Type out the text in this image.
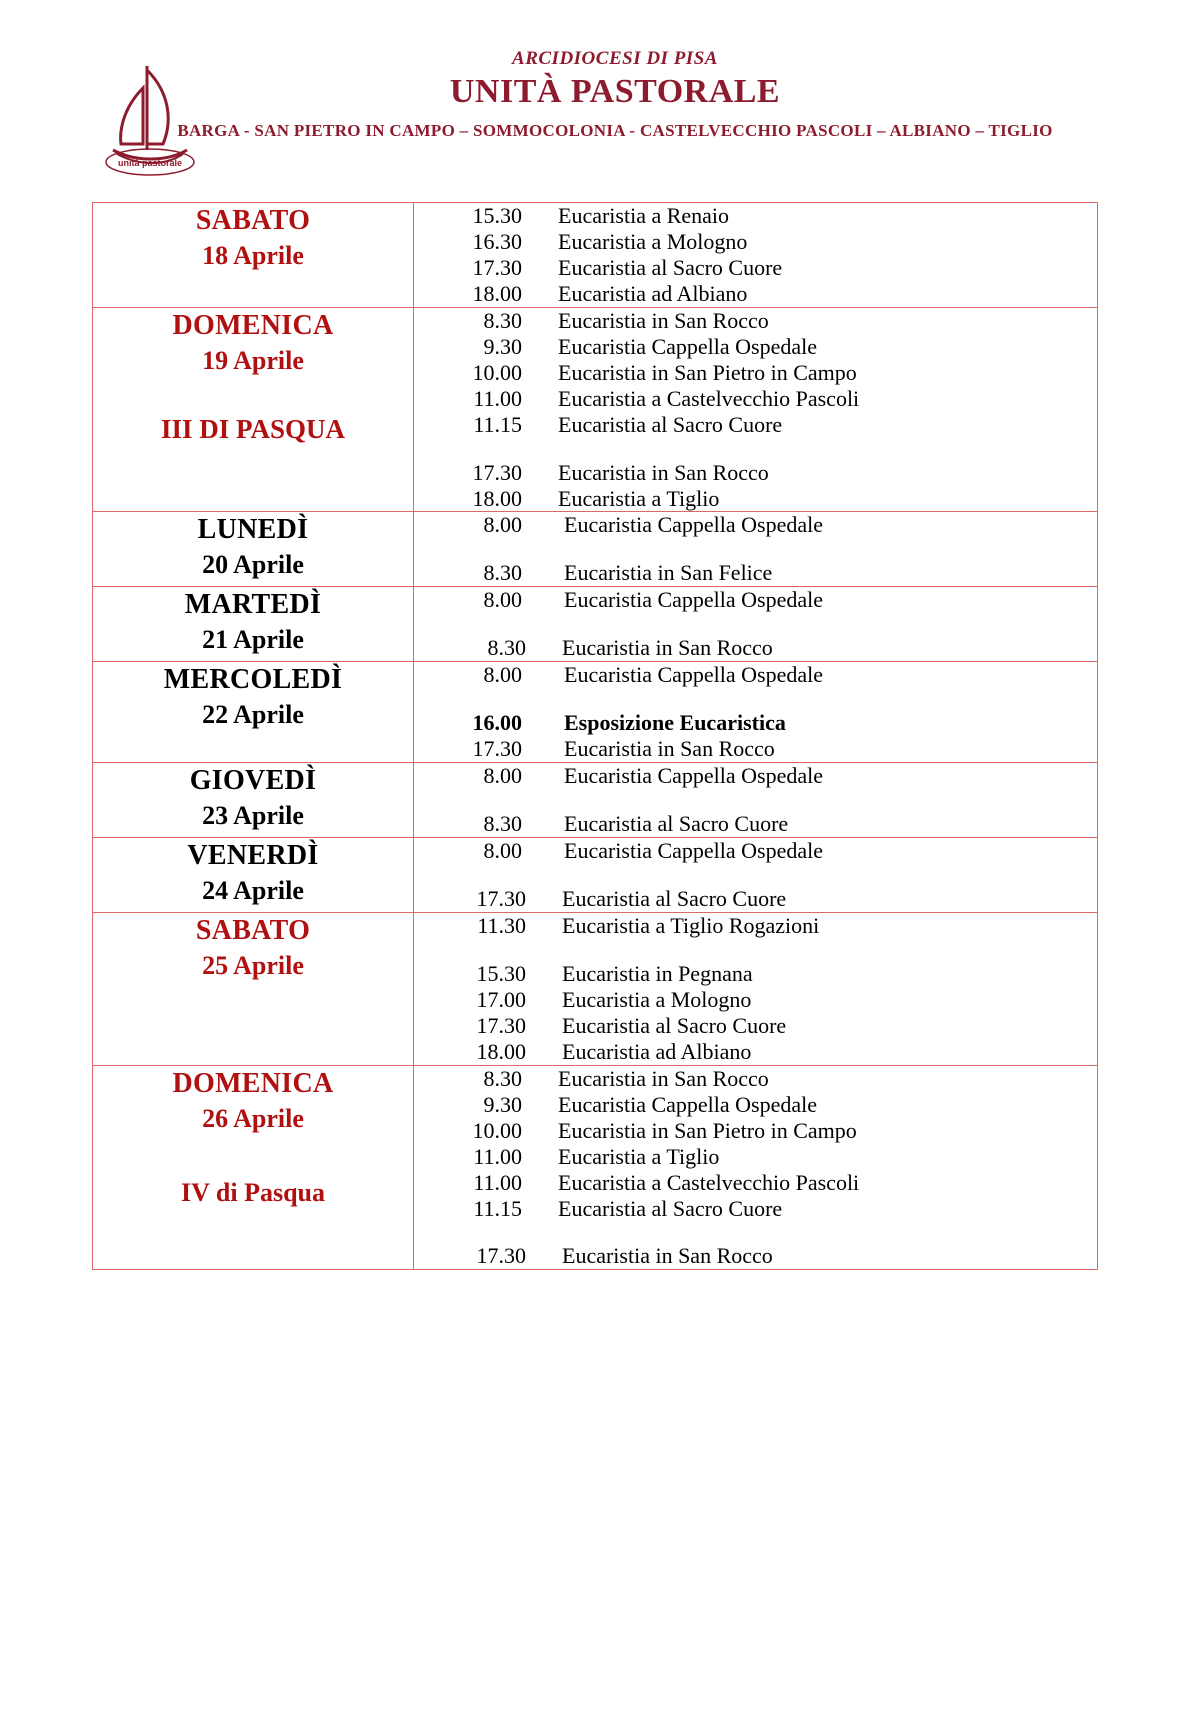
unità pastorale
ARCIDIOCESI DI PISA
UNITÀ PASTORALE
BARGA - SAN PIETRO IN CAMPO – SOMMOCOLONIA - CASTELVECCHIO PASCOLI – ALBIANO – TIGLIO
SABATO
18 Aprile

15.30	Eucaristia a Renaio
16.30	Eucaristia a Mologno
17.30	Eucaristia al Sacro Cuore
18.00	Eucaristia ad Albiano

DOMENICA
19 Aprile
III DI PASQUA

8.30	Eucaristia in San Rocco
9.30	Eucaristia Cappella Ospedale
10.00	Eucaristia in San Pietro in Campo
11.00	Eucaristia a Castelvecchio Pascoli
11.15	Eucaristia al Sacro Cuore
17.30	Eucaristia in San Rocco
18.00	Eucaristia a Tiglio

LUNEDÌ
20 Aprile

8.00	Eucaristia Cappella Ospedale
8.30	Eucaristia in San Felice

MARTEDÌ
21 Aprile

8.00	Eucaristia Cappella Ospedale
8.30	Eucaristia in San Rocco

MERCOLEDÌ
22 Aprile

8.00	Eucaristia Cappella Ospedale
16.00	Esposizione Eucaristica
17.30	Eucaristia in San Rocco

GIOVEDÌ
23 Aprile

8.00	Eucaristia Cappella Ospedale
8.30	Eucaristia al Sacro Cuore

VENERDÌ
24 Aprile

8.00	Eucaristia Cappella Ospedale
17.30	Eucaristia al Sacro Cuore

SABATO
25 Aprile

11.30	Eucaristia a Tiglio Rogazioni
15.30	Eucaristia in Pegnana
17.00	Eucaristia a Mologno
17.30	Eucaristia al Sacro Cuore
18.00	Eucaristia ad Albiano

DOMENICA
26 Aprile
IV di Pasqua

8.30	Eucaristia in San Rocco
9.30	Eucaristia Cappella Ospedale
10.00	Eucaristia in San Pietro in Campo
11.00	Eucaristia a Tiglio
11.00	Eucaristia a Castelvecchio Pascoli
11.15	Eucaristia al Sacro Cuore
17.30	Eucaristia in San Rocco
